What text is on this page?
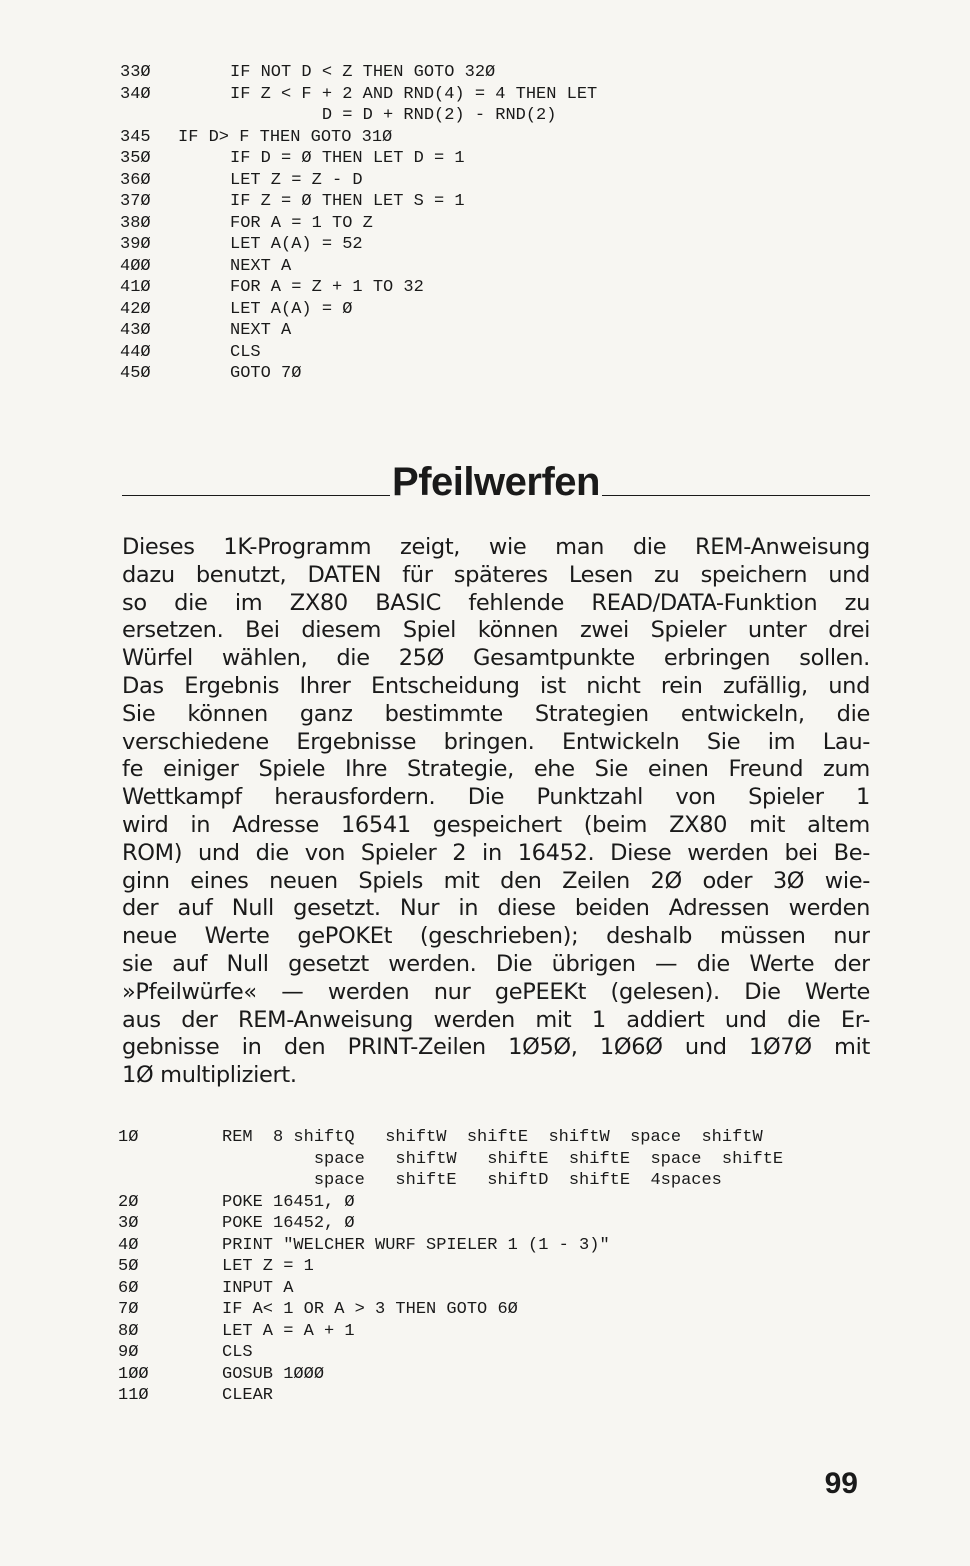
33Ø	IF NOT D < Z THEN GOTO 32Ø
34Ø	IF Z < F + 2 AND RND(4) = 4 THEN LET
D = D + RND(2) - RND(2)
345	IF D> F THEN GOTO 31Ø
35Ø	IF D = Ø THEN LET D = 1
36Ø	LET Z = Z - D
37Ø	IF Z = Ø THEN LET S = 1
38Ø	FOR A = 1 TO Z
39Ø	LET A(A) = 52
4ØØ	NEXT A
41Ø	FOR A = Z + 1 TO 32
42Ø	LET A(A) = Ø
43Ø	NEXT A
44Ø	CLS
45Ø	GOTO 7Ø
Pfeilwerfen
Dieses 1K-Programm zeigt, wie man die REM-Anweisung
dazu benutzt, DATEN für späteres Lesen zu speichern und
so die im ZX80 BASIC fehlende READ/DATA-Funktion zu
ersetzen. Bei diesem Spiel können zwei Spieler unter drei
Würfel wählen, die 25Ø Gesamtpunkte erbringen sollen.
Das Ergebnis Ihrer Entscheidung ist nicht rein zufällig, und
Sie können ganz bestimmte Strategien entwickeln, die
verschiedene Ergebnisse bringen. Entwickeln Sie im Lau-
fe einiger Spiele Ihre Strategie, ehe Sie einen Freund zum
Wettkampf herausfordern. Die Punktzahl von Spieler 1
wird in Adresse 16541 gespeichert (beim ZX80 mit altem
ROM) und die von Spieler 2 in 16452. Diese werden bei Be-
ginn eines neuen Spiels mit den Zeilen 2Ø oder 3Ø wie-
der auf Null gesetzt. Nur in diese beiden Adressen werden
neue Werte gePOKEt (geschrieben); deshalb müssen nur
sie auf Null gesetzt werden. Die übrigen — die Werte der
»Pfeilwürfe« — werden nur gePEEKt (gelesen). Die Werte
aus der REM-Anweisung werden mit 1 addiert und die Er-
gebnisse in den PRINT-Zeilen 1Ø5Ø, 1Ø6Ø und 1Ø7Ø mit
1Ø multipliziert.
1Ø	REM  8 shiftQ   shiftW  shiftE  shiftW  space  shiftW
space   shiftW   shiftE  shiftE  space  shiftE
space   shiftE   shiftD  shiftE  4spaces
2Ø	POKE 16451, Ø
3Ø	POKE 16452, Ø
4Ø	PRINT "WELCHER WURF SPIELER 1 (1 - 3)"
5Ø	LET Z = 1
6Ø	INPUT A
7Ø	IF A< 1 OR A > 3 THEN GOTO 6Ø
8Ø	LET A = A + 1
9Ø	CLS
1ØØ	GOSUB 1ØØØ
11Ø	CLEAR
99
